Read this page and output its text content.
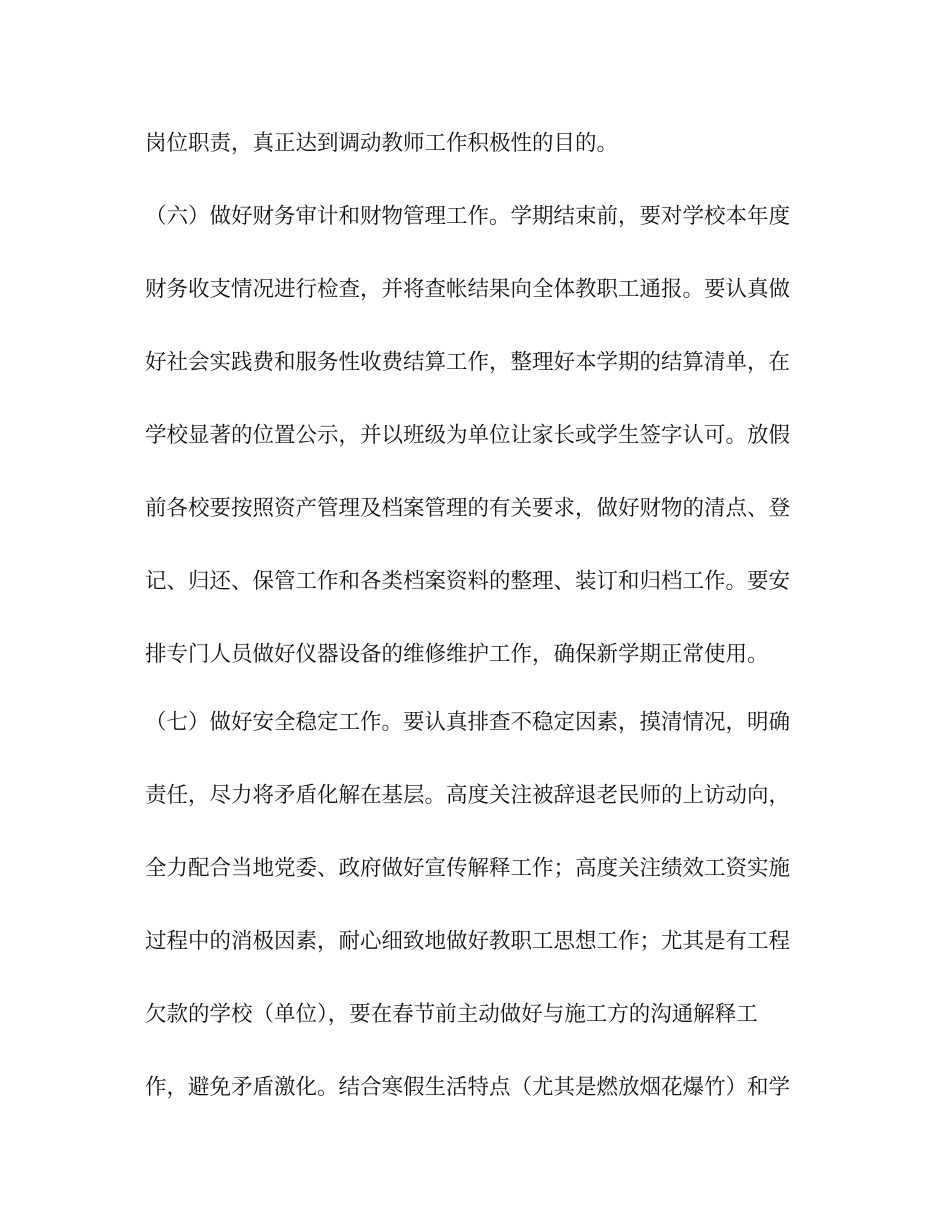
岗位职责，真正达到调动教师工作积极性的目的。
（六）做好财务审计和财物管理工作。学期结束前，要对学校本年度
财务收支情况进行检查，并将查帐结果向全体教职工通报。要认真做
好社会实践费和服务性收费结算工作，整理好本学期的结算清单，在
学校显著的位置公示，并以班级为单位让家长或学生签字认可。放假
前各校要按照资产管理及档案管理的有关要求，做好财物的清点、登
记、归还、保管工作和各类档案资料的整理、装订和归档工作。要安
排专门人员做好仪器设备的维修维护工作，确保新学期正常使用。
（七）做好安全稳定工作。要认真排查不稳定因素，摸清情况，明确
责任，尽力将矛盾化解在基层。高度关注被辞退老民师的上访动向，
全力配合当地党委、政府做好宣传解释工作；高度关注绩效工资实施
过程中的消极因素，耐心细致地做好教职工思想工作；尤其是有工程
欠款的学校（单位），要在春节前主动做好与施工方的沟通解释工
作，避免矛盾激化。结合寒假生活特点（尤其是燃放烟花爆竹）和学
